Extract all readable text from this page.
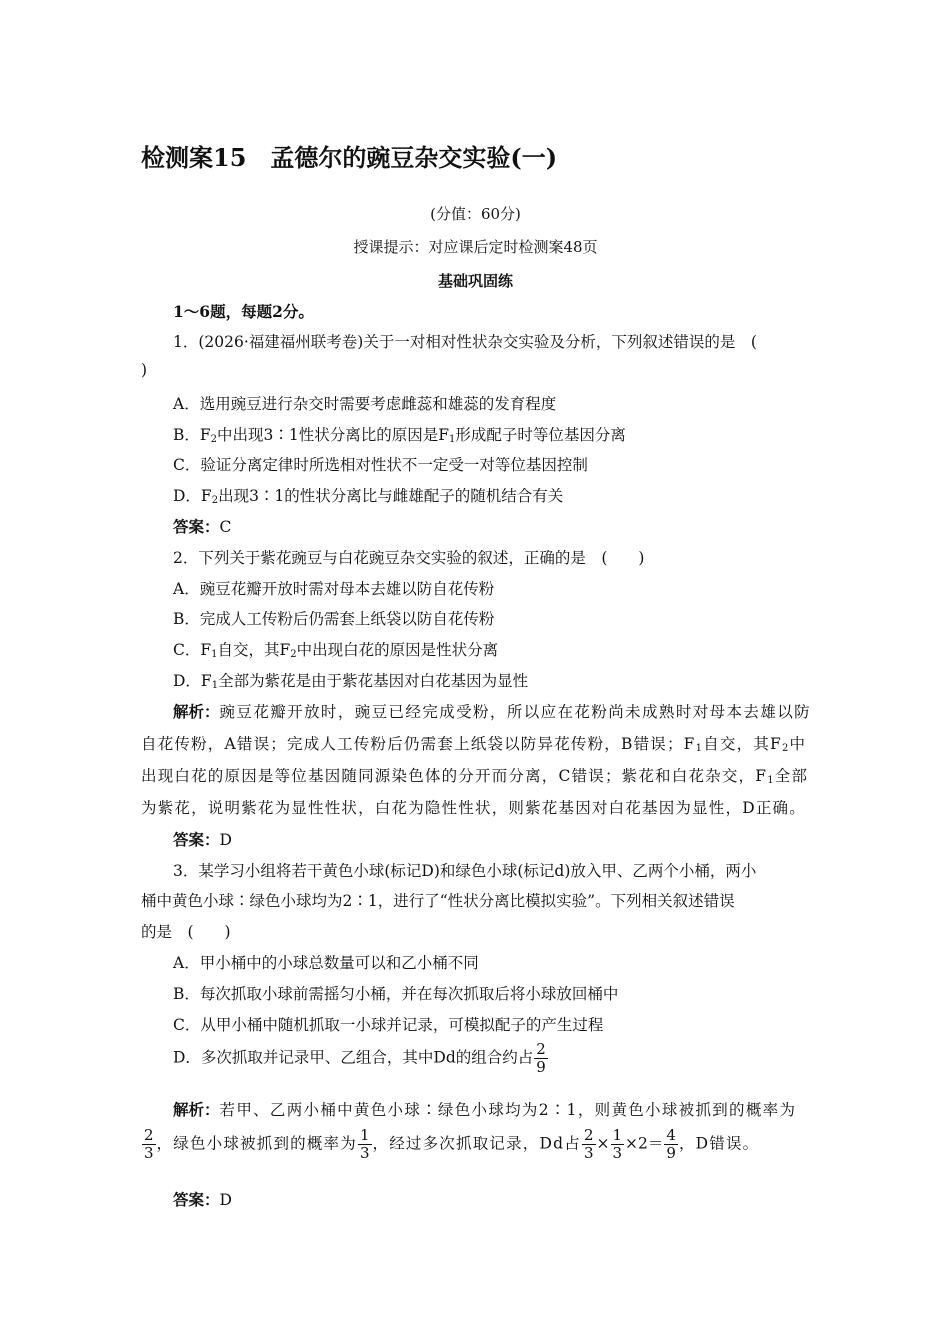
检测案15　孟德尔的豌豆杂交实验(一)
(分值：60分)
授课提示：对应课后定时检测案48页
基础巩固练
1～6题，每题2分。
1．(2026·福建福州联考卷)关于一对相对性状杂交实验及分析，下列叙述错误的是　(
)
A．选用豌豆进行杂交时需要考虑雌蕊和雄蕊的发育程度
B．$F_2$中出现3∶1性状分离比的原因是$F_1$形成配子时等位基因分离
C．验证分离定律时所选相对性状不一定受一对等位基因控制
D．$F_2$出现3∶1的性状分离比与雌雄配子的随机结合有关
答案：C
2．下列关于紫花豌豆与白花豌豆杂交实验的叙述，正确的是　(　　)
A．豌豆花瓣开放时需对母本去雄以防自花传粉
B．完成人工传粉后仍需套上纸袋以防自花传粉
C．$F_1$自交，其$F_2$中出现白花的原因是性状分离
D．$F_1$全部为紫花是由于紫花基因对白花基因为显性
解析：豌豆花瓣开放时，豌豆已经完成受粉，所以应在花粉尚未成熟时对母本去雄以防
自花传粉，A错误；完成人工传粉后仍需套上纸袋以防异花传粉，B错误；$F_1$自交，其$F_2$中
出现白花的原因是等位基因随同源染色体的分开而分离，C错误；紫花和白花杂交，$F_1$全部
为紫花，说明紫花为显性性状，白花为隐性性状，则紫花基因对白花基因为显性，D正确。
答案：D
3．某学习小组将若干黄色小球(标记D)和绿色小球(标记d)放入甲、乙两个小桶，两小
桶中黄色小球∶绿色小球均为2∶1，进行了“性状分离比模拟实验”。下列相关叙述错误
的是　(　　)
A．甲小桶中的小球总数量可以和乙小桶不同
B．每次抓取小球前需摇匀小桶，并在每次抓取后将小球放回桶中
C．从甲小桶中随机抓取一小球并记录，可模拟配子的产生过程
D．多次抓取并记录甲、乙组合，其中Dd的组合约占 $\frac{2}{9}$
解析：若甲、乙两小桶中黄色小球∶绿色小球均为2∶1，则黄色小球被抓到的概率为
$\frac{2}{3}$ ，绿色小球被抓到的概率为 $\frac{1}{3}$ ，经过多次抓取记录，Dd占 $\frac{2}{3} \times \frac{1}{3} \times 2= \frac{4}{9}$ ，D错误。
答案：D
